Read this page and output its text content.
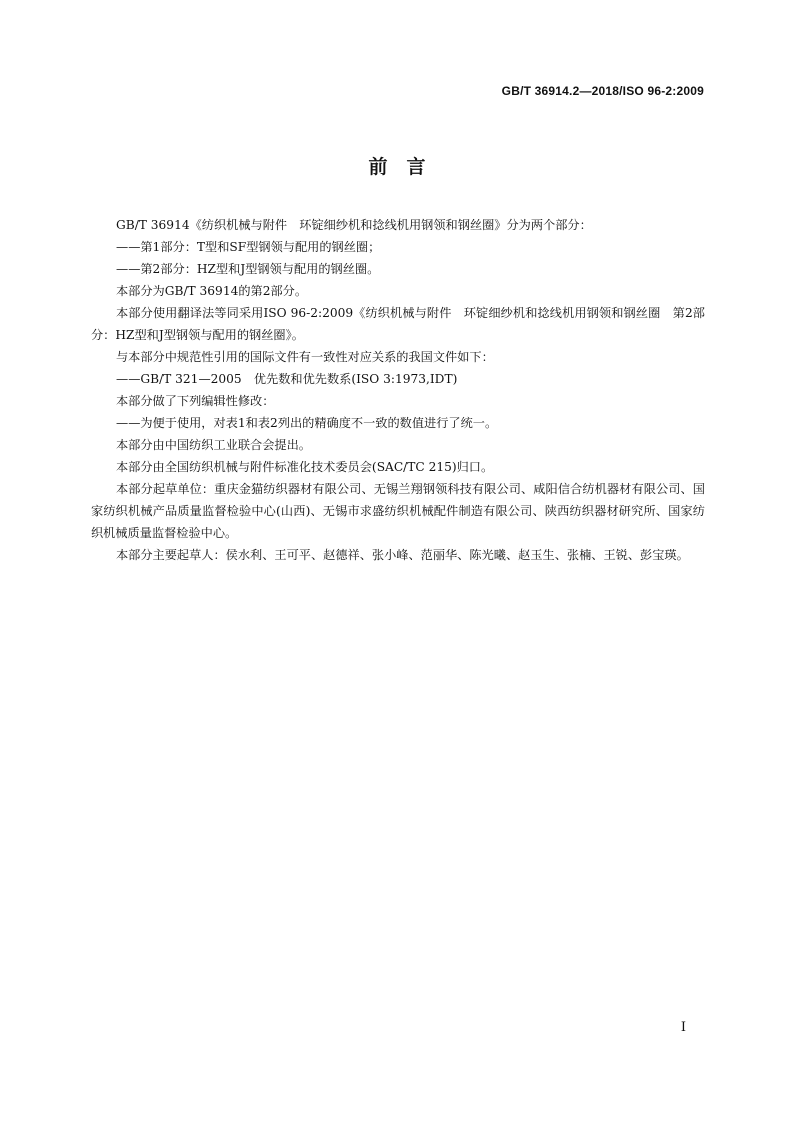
GB/T 36914.2—2018/ISO 96-2:2009
前　言

GB/T 36914《纺织机械与附件　环锭细纱机和捻线机用钢领和钢丝圈》分为两个部分：

——第1部分：T型和SF型钢领与配用的钢丝圈；

——第2部分：HZ型和J型钢领与配用的钢丝圈。

本部分为GB/T 36914的第2部分。

本部分使用翻译法等同采用ISO 96-2:2009《纺织机械与附件　环锭细纱机和捻线机用钢领和钢丝圈　第2部分：HZ型和J型钢领与配用的钢丝圈》。

与本部分中规范性引用的国际文件有一致性对应关系的我国文件如下：

——GB/T 321—2005　优先数和优先数系(ISO 3:1973,IDT)

本部分做了下列编辑性修改：

——为便于使用，对表1和表2列出的精确度不一致的数值进行了统一。

本部分由中国纺织工业联合会提出。

本部分由全国纺织机械与附件标准化技术委员会(SAC/TC 215)归口。

本部分起草单位：重庆金猫纺织器材有限公司、无锡兰翔钢领科技有限公司、咸阳信合纺机器材有限公司、国家纺织机械产品质量监督检验中心(山西)、无锡市求盛纺织机械配件制造有限公司、陕西纺织器材研究所、国家纺织机械质量监督检验中心。

本部分主要起草人：侯水利、王可平、赵德祥、张小峰、范丽华、陈光曦、赵玉生、张楠、王锐、彭宝瑛。

I
